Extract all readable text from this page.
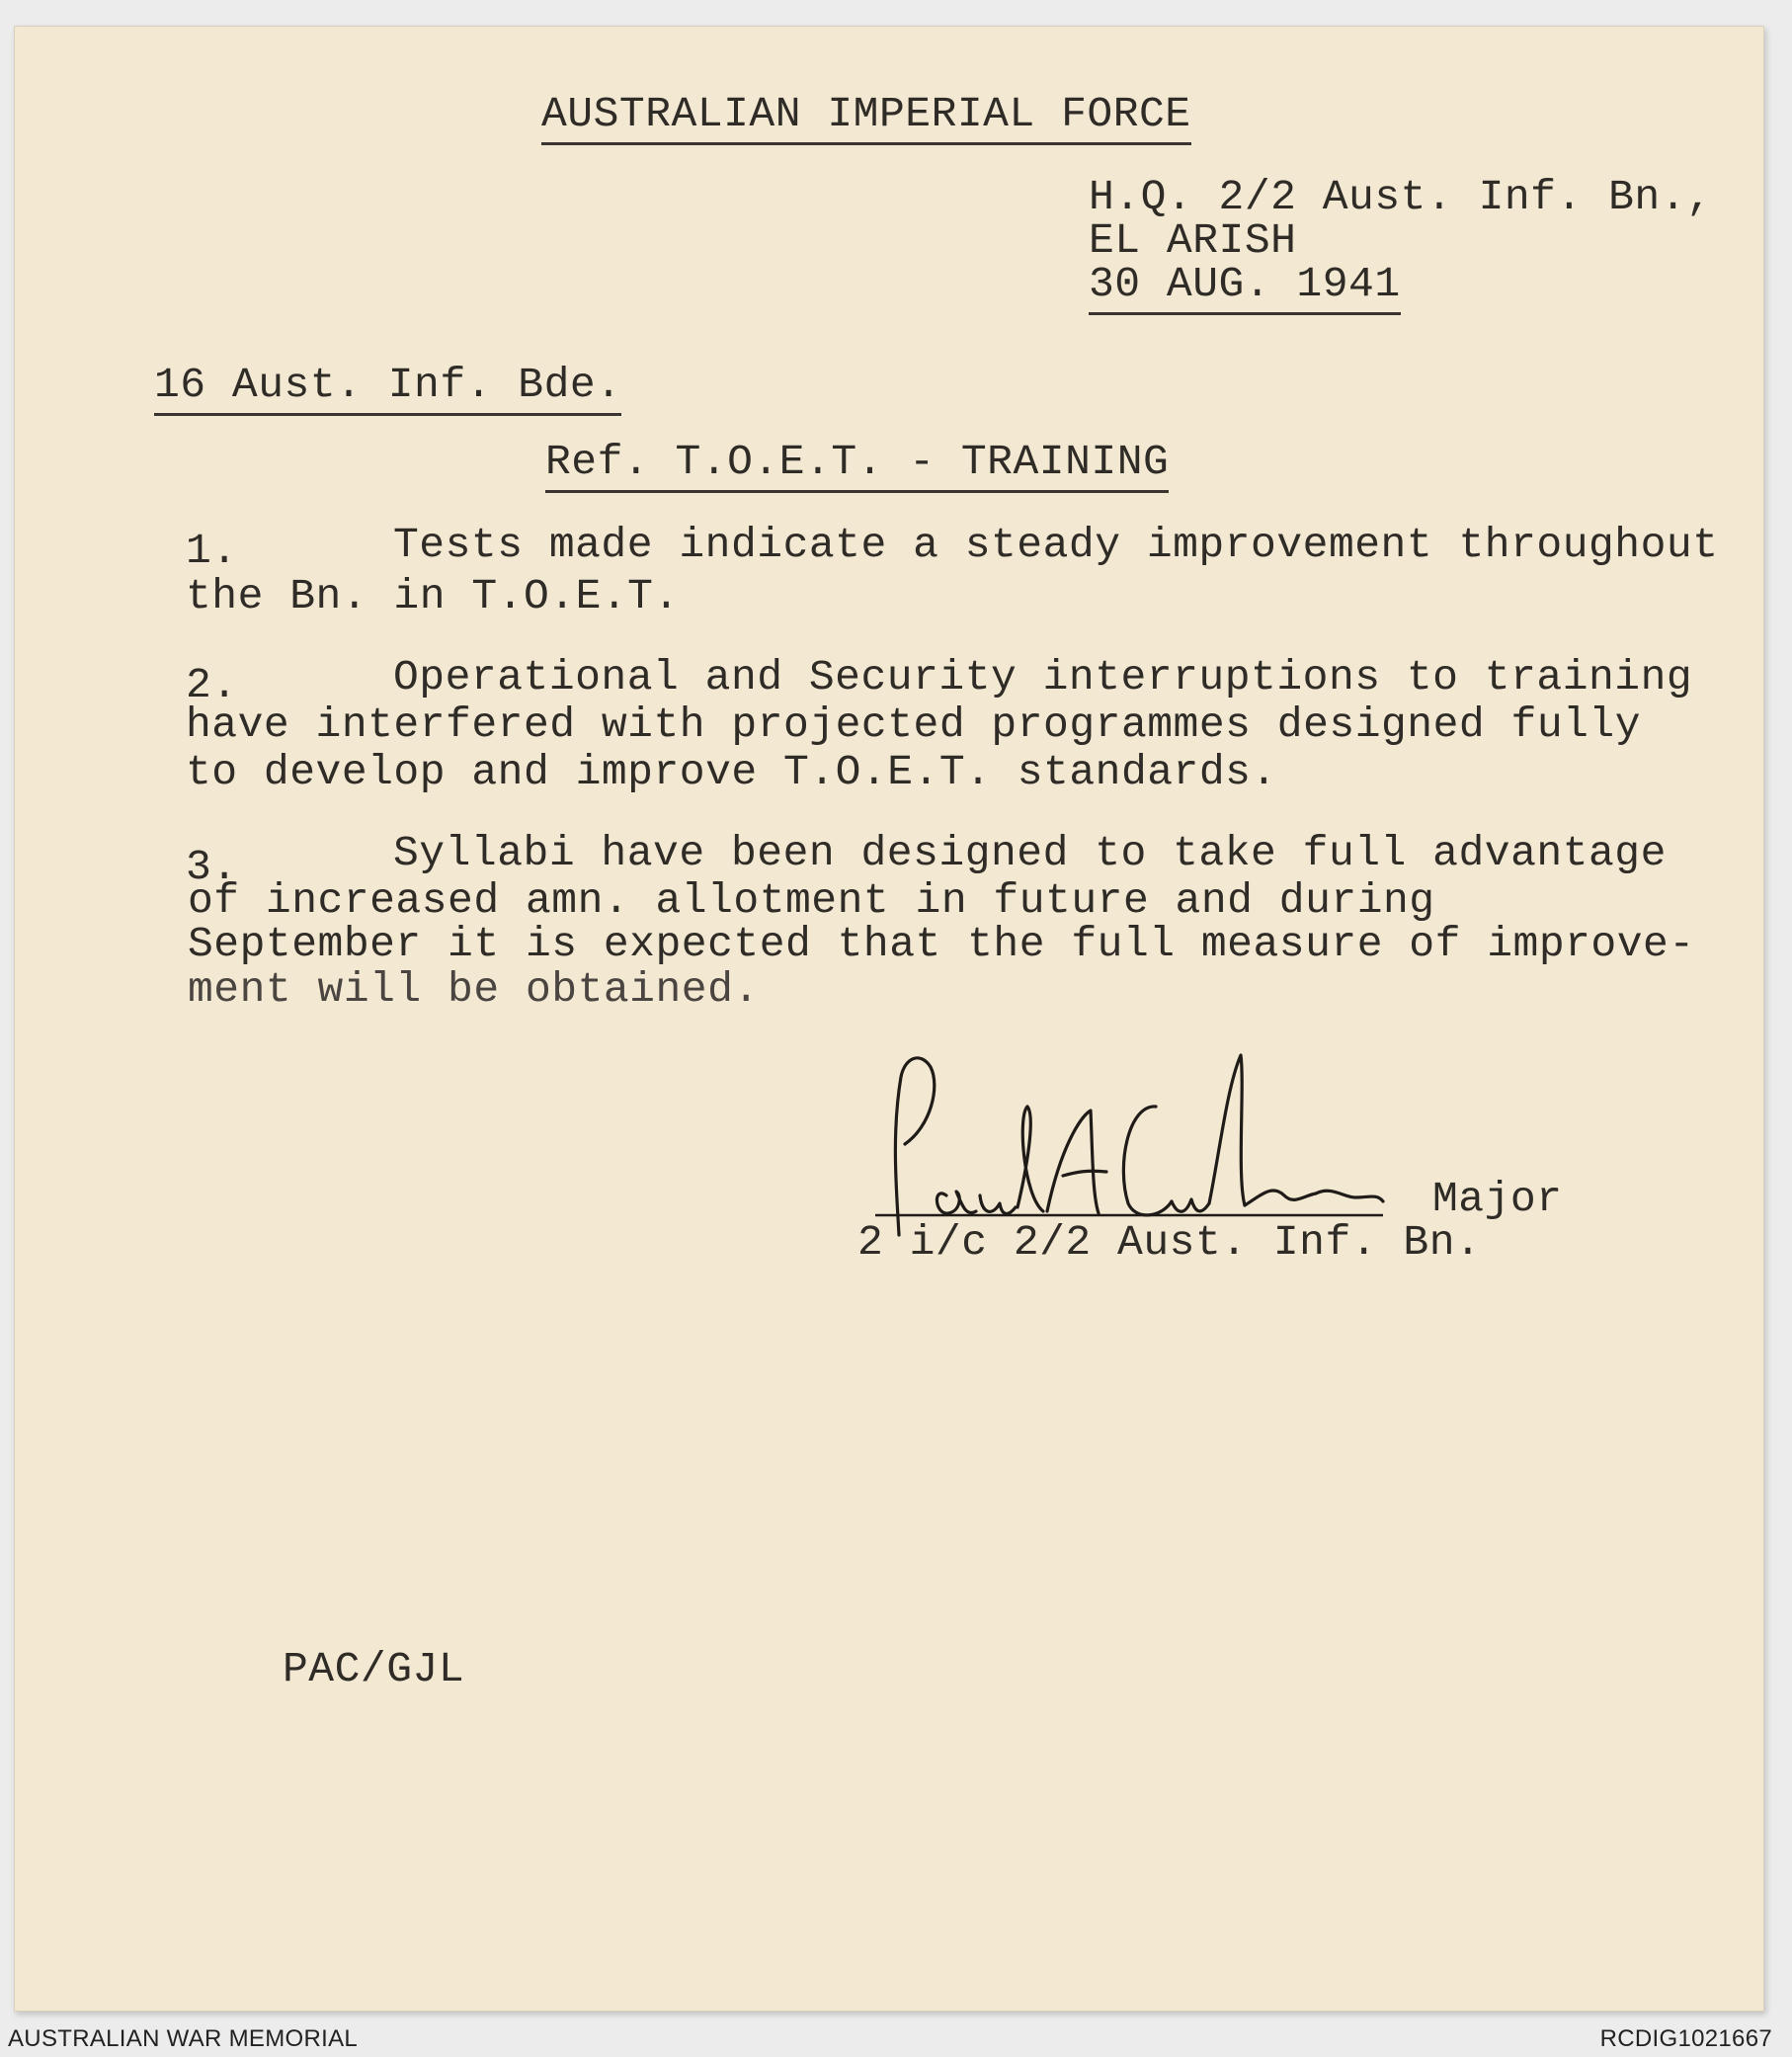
AUSTRALIAN IMPERIAL FORCE
H.Q. 2/2 Aust. Inf. Bn.,
EL ARISH
30 AUG. 1941
16 Aust. Inf. Bde.
Ref. T.O.E.T. - TRAINING
1.	Tests made indicate a steady improvement throughout
the Bn. in T.O.E.T.
2.	Operational and Security interruptions to training
have interfered with projected programmes designed fully
to develop and improve T.O.E.T. standards.
3.	Syllabi have been designed to take full advantage
of increased amn. allotment in future and during
September it is expected that the full measure of improve-
ment will be obtained.
Major
2 i/c 2/2 Aust. Inf. Bn.
PAC/GJL
AUSTRALIAN WAR MEMORIAL	RCDIG1021667
